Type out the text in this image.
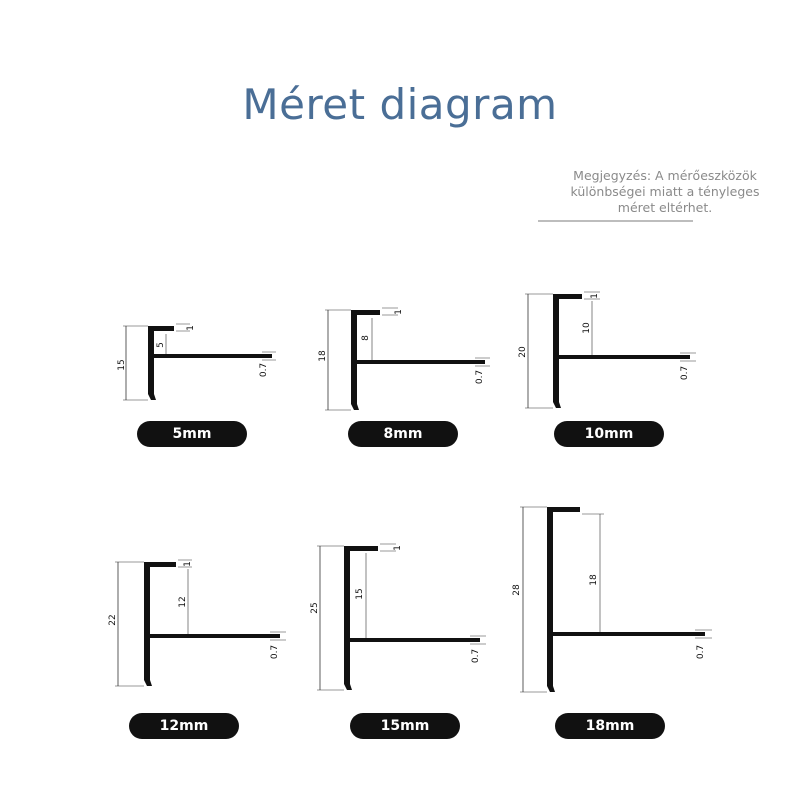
Méret diagram
Megjegyzés: A mérőeszközök
különbségei miatt a tényleges
méret eltérhet.
15
5
1
0.7
18
8
1
0.7
20
10
1
0.7
22
12
1
0.7
25
15
1
0.7
28
18
1
0.7
5mm	8mm	10mm
12mm	15mm	18mm
